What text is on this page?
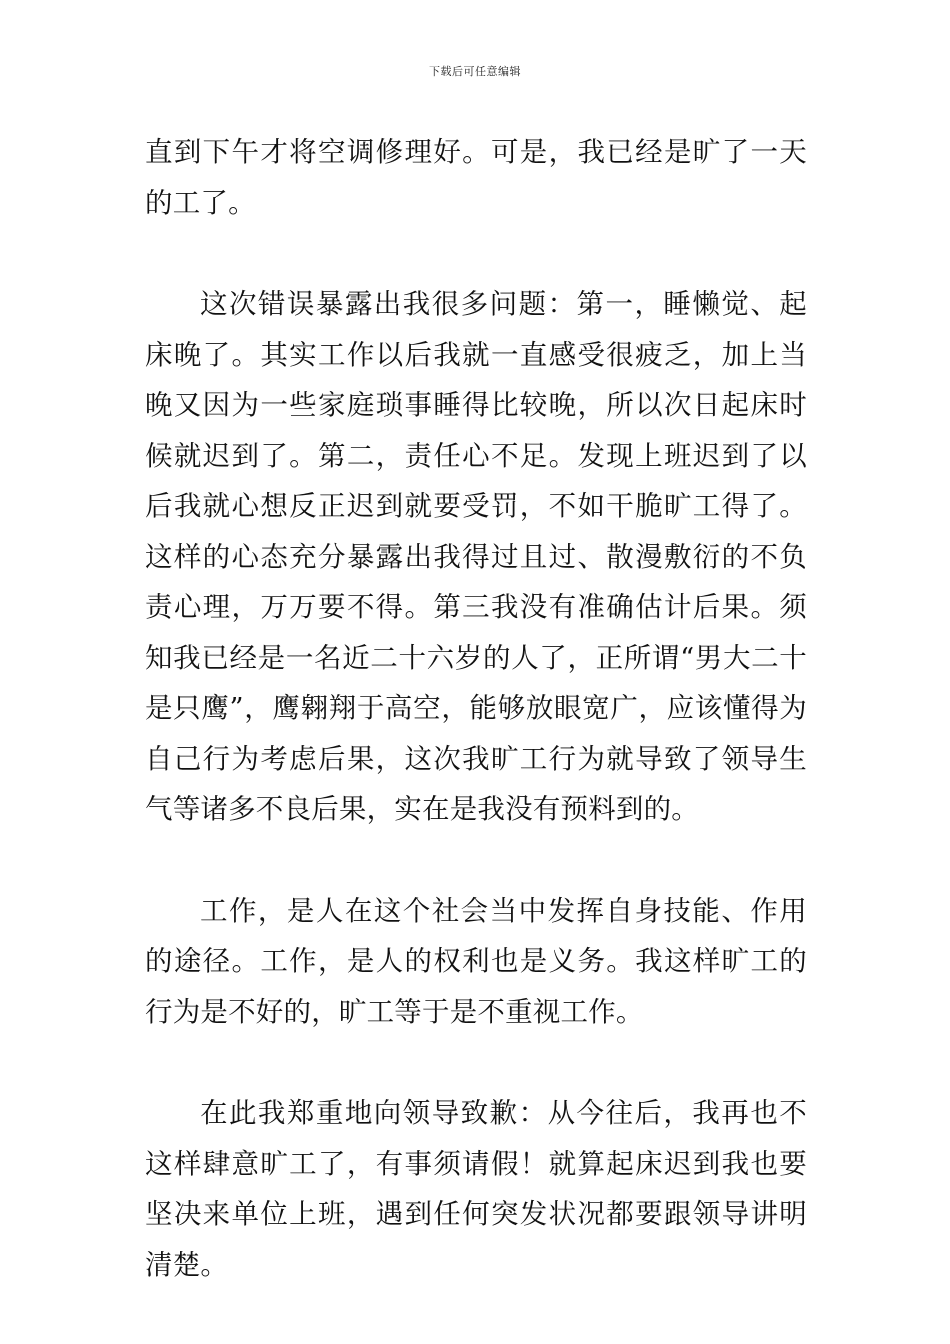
下载后可任意编辑

直到下午才将空调修理好。可是，我已经是旷了一天的工了。

这次错误暴露出我很多问题：第一，睡懒觉、起床晚了。其实工作以后我就一直感受很疲乏，加上当晚又因为一些家庭琐事睡得比较晚，所以次日起床时候就迟到了。第二，责任心不足。发现上班迟到了以后我就心想反正迟到就要受罚，不如干脆旷工得了。这样的心态充分暴露出我得过且过、散漫敷衍的不负责心理，万万要不得。第三我没有准确估计后果。须知我已经是一名近二十六岁的人了，正所谓“男大二十是只鹰”，鹰翱翔于高空，能够放眼宽广，应该懂得为自己行为考虑后果，这次我旷工行为就导致了领导生气等诸多不良后果，实在是我没有预料到的。

工作，是人在这个社会当中发挥自身技能、作用的途径。工作，是人的权利也是义务。我这样旷工的行为是不好的，旷工等于是不重视工作。

在此我郑重地向领导致歉：从今往后，我再也不这样肆意旷工了，有事须请假！就算起床迟到我也要坚决来单位上班，遇到任何突发状况都要跟领导讲明清楚。
